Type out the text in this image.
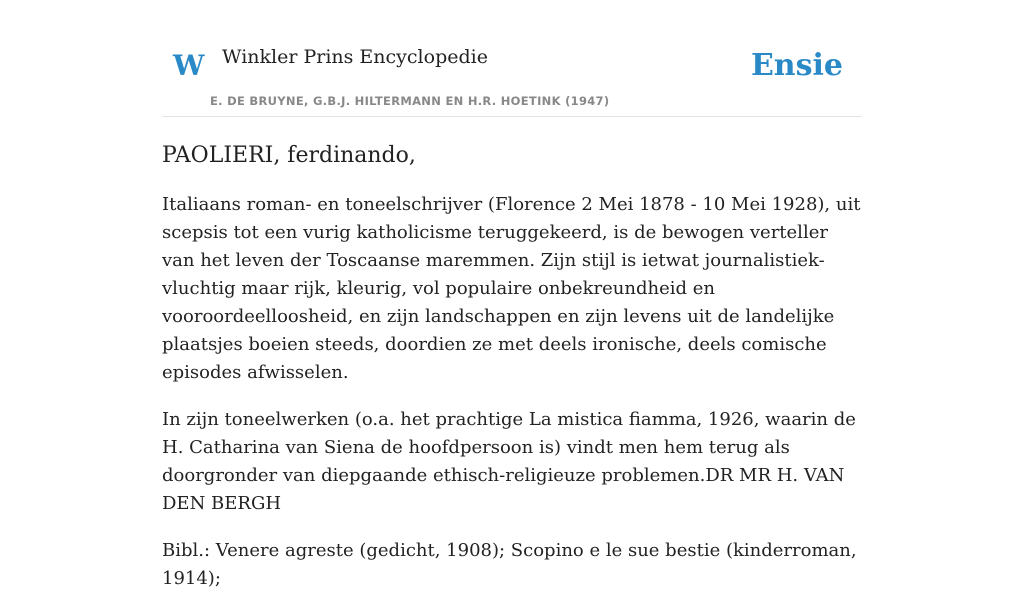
W Winkler Prins Encyclopedie
E. DE BRUYNE, G.B.J. HILTERMANN EN H.R. HOETINK (1947)
Ensie
PAOLIERI, ferdinando,

Italiaans roman- en toneelschrijver (Florence 2 Mei 1878 - 10 Mei 1928), uit scepsis tot een vurig katholicisme teruggekeerd, is de bewogen verteller van het leven der Toscaanse maremmen. Zijn stijl is ietwat journalistiek-vluchtig maar rijk, kleurig, vol populaire onbekreundheid en vooroordeelloosheid, en zijn landschappen en zijn levens uit de landelijke plaatsjes boeien steeds, doordien ze met deels ironische, deels comische episodes afwisselen.

In zijn toneelwerken (o.a. het prachtige La mistica fiamma, 1926, waarin de H. Catharina van Siena de hoofdpersoon is) vindt men hem terug als doorgronder van diepgaande ethisch-religieuze problemen.DR MR H. VAN DEN BERGH

Bibl.: Venere agreste (gedicht, 1908); Scopino e le sue bestie (kinderroman, 1914);
